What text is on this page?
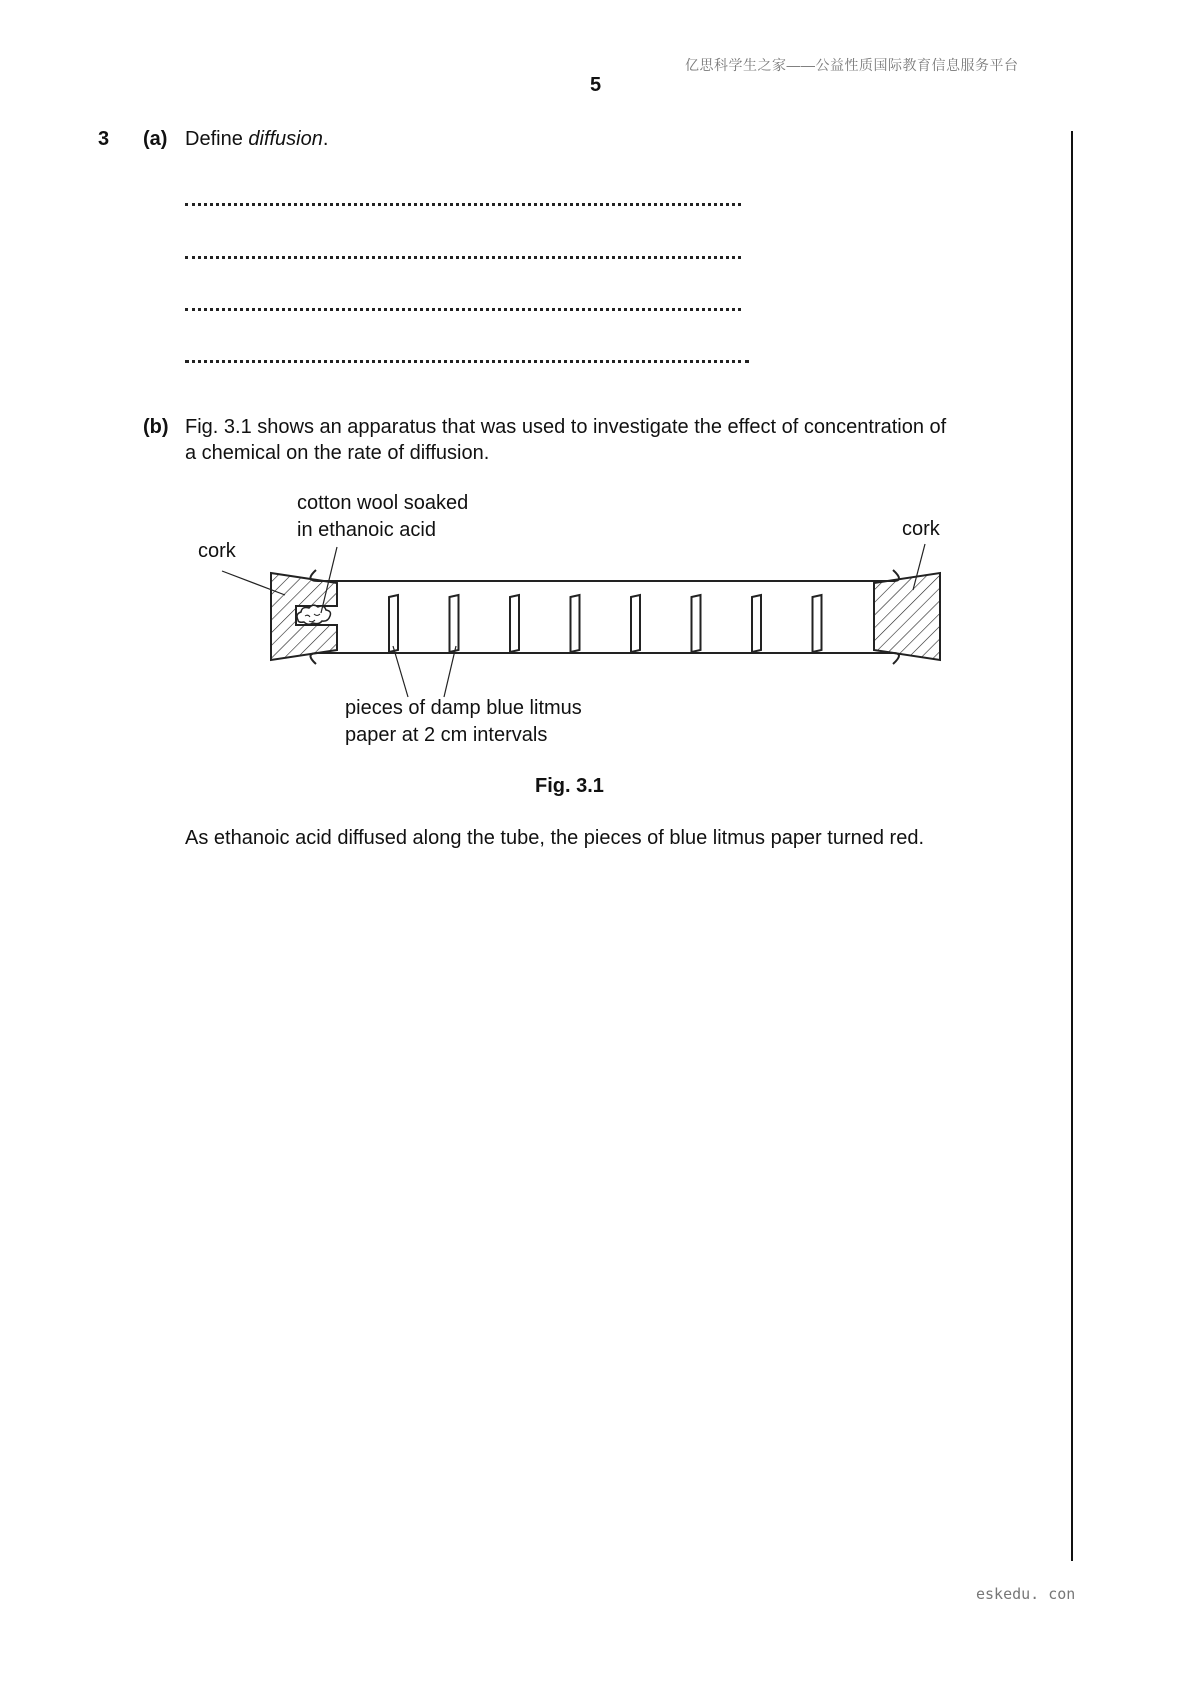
亿思科学生之家——公益性质国际教育信息服务平台
5
3 (a) Define diffusion.
(b) Fig. 3.1 shows an apparatus that was used to investigate the effect of concentration of
a chemical on the rate of diffusion.
cotton wool soaked
in ethanoic acid
cork
cork
pieces of damp blue litmus
paper at 2 cm intervals
Fig. 3.1
As ethanoic acid diffused along the tube, the pieces of blue litmus paper turned red.
eskedu. con
